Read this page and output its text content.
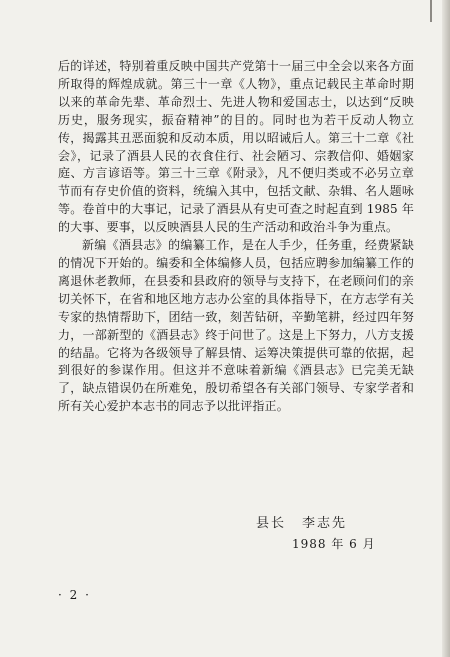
后的详述，特别着重反映中国共产党第十一届三中全会以来各方面所取得的辉煌成就。第三十一章《人物》，重点记载民主革命时期以来的革命先辈、革命烈士、先进人物和爱国志士，以达到“反映历史，服务现实，振奋精神”的目的。同时也为若干反动人物立传，揭露其丑恶面貌和反动本质，用以昭诫后人。第三十二章《社会》，记录了酒县人民的衣食住行、社会陋习、宗教信仰、婚姻家庭、方言谚语等。第三十三章《附录》，凡不便归类或不必另立章节而有存史价值的资料，统编入其中，包括文献、杂辑、名人题咏等。卷首中的大事记，记录了酒县从有史可查之时起直到 1985 年的大事、要事，以反映酒县人民的生产活动和政治斗争为重点。

新编《酒县志》的编纂工作，是在人手少，任务重，经费紧缺的情况下开始的。编委和全体编修人员，包括应聘参加编纂工作的离退休老教师，在县委和县政府的领导与支持下，在老顾问们的亲切关怀下，在省和地区地方志办公室的具体指导下，在方志学有关专家的热情帮助下，团结一致，刻苦钻研，辛勤笔耕，经过四年努力，一部新型的《酒县志》终于问世了。这是上下努力，八方支援的结晶。它将为各级领导了解县情、运筹决策提供可靠的依据，起到很好的参谋作用。但这并不意味着新编《酒县志》已完美无缺了，缺点错误仍在所难免，殷切希望各有关部门领导、专家学者和所有关心爱护本志书的同志予以批评指正。

县长 李志先
1988 年 6 月
· 2 ·
